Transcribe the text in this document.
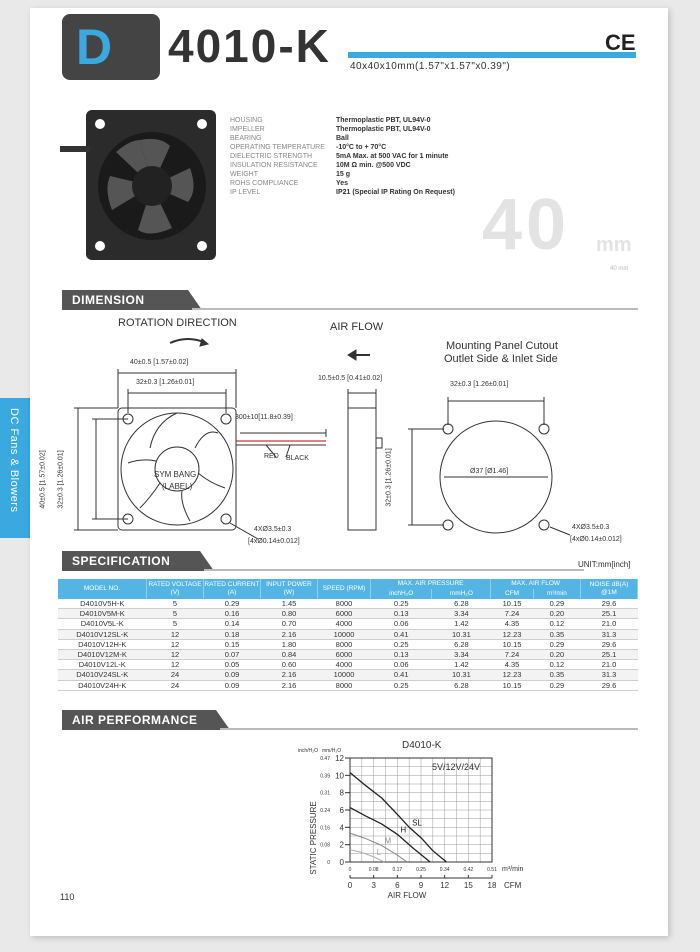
DC Fans & Blowers
D 4010-K	CE
40x40x10mm(1.57"x1.57"x0.39")
HOUSING	Thermoplastic PBT, UL94V-0
IMPELLER	Thermoplastic PBT, UL94V-0
BEARING	Ball
OPERATING TEMPERATURE	-10°C to + 70°C
DIELECTRIC STRENGTH	5mA Max. at 500 VAC for 1 minute
INSULATION RESISTANCE	10M Ω min. @500 VDC
WEIGHT	15 g
ROHS COMPLIANCE	Yes
IP LEVEL	IP21 (Special IP Rating On Request) 40 mm
40 mm
DIMENSION
ROTATION DIRECTION	AIR FLOW
Mounting Panel Cutout
Outlet Side & Inlet Side
40±0.5 [1.57±0.02]
32±0.3 [1.26±0.01]
40±0.5 [1.57±0.02] 32±0.3 [1.26±0.01]
300±10[11.8±0.39]
RED BLACK
SYM BANG
(LABEL)
4XØ3.5±0.3
[4xØ0.14±0.012]
10.5±0.5 [0.41±0.02]
32±0.3 [1.26±0.01]
32±0.3 [1.26±0.01]	Ø37 [Ø1.46]
4XØ3.5±0.3
[4xØ0.14±0.012]
SPECIFICATION	UNIT:mm[inch]
MODEL NO.	RATED VOLTAGE (V)	RATED CURRENT (A)	INPUT POWER (W)	SPEED (RPM)	MAX. AIR PRESSURE		MAX. AIR FLOW		NOISE dB(A) @1M
					inchH₂O	mmH₂O	CFM	m³/min	
D4010V5H-K	5	0.29	1.45	8000	0.25	6.28	10.15	0.29	29.6
D4010V5M-K	5	0.16	0.80	6000	0.13	3.34	7.24	0.20	25.1
D4010V5L-K	5	0.14	0.70	4000	0.06	1.42	4.35	0.12	21.0
D4010V12SL-K	12	0.18	2.16	10000	0.41	10.31	12.23	0.35	31.3
D4010V12H-K	12	0.15	1.80	8000	0.25	6.28	10.15	0.29	29.6
D4010V12M-K	12	0.07	0.84	6000	0.13	3.34	7.24	0.20	25.1
D4010V12L-K	12	0.05	0.60	4000	0.06	1.42	4.35	0.12	21.0
D4010V24SL-K	24	0.09	2.16	10000	0.41	10.31	12.23	0.35	31.3
D4010V24H-K	24	0.09	2.16	8000	0.25	6.28	10.15	0.29	29.6
AIR PERFORMANCE
D4010-K
5V/12V/24V
0
0
2
0.08
4
0.16
6
0.24
8
0.31
10
0.39
12
0.47
inch/H₂O mm/H₂O
STATIC PRESSURE	0	0.08	0.17	0.25	0.34	0.42	0.51 m³/min
0 3 6 9 12 15 18 CFM
AIR FLOW
SL
H
M
L
110
